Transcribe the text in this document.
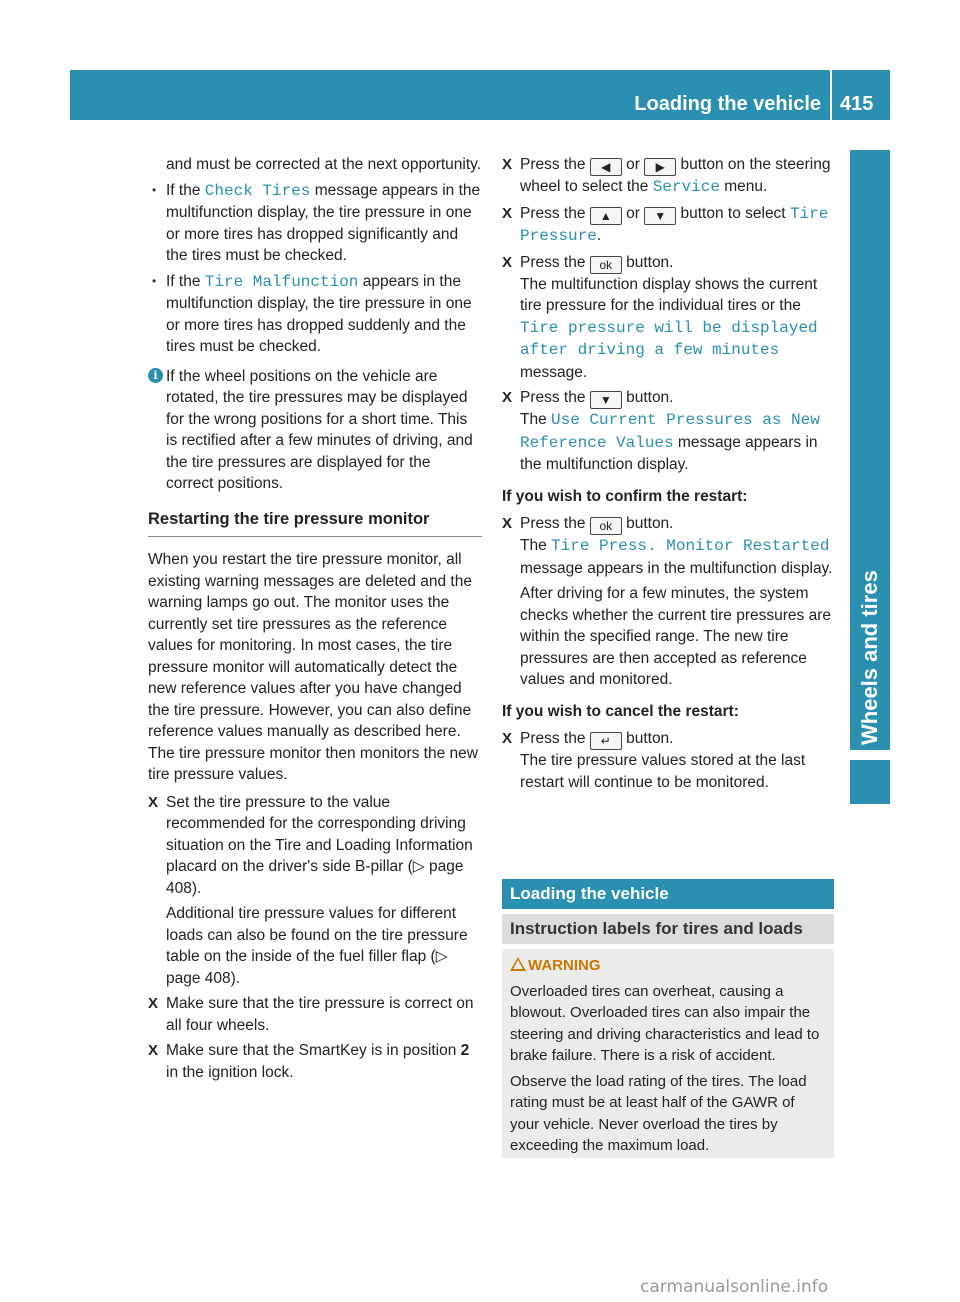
Loading the vehicle 415
Wheels and tires

and must be corrected at the next opportunity.

• If the Check Tires message appears in the multifunction display, the tire pressure in one or more tires has dropped significantly and the tires must be checked.

• If the Tire Malfunction appears in the multifunction display, the tire pressure in one or more tires has dropped suddenly and the tires must be checked.

i If the wheel positions on the vehicle are rotated, the tire pressures may be displayed for the wrong positions for a short time. This is rectified after a few minutes of driving, and the tire pressures are displayed for the correct positions.

Restarting the tire pressure monitor

When you restart the tire pressure monitor, all existing warning messages are deleted and the warning lamps go out. The monitor uses the currently set tire pressures as the reference values for monitoring. In most cases, the tire pressure monitor will automatically detect the new reference values after you have changed the tire pressure. However, you can also define reference values manually as described here. The tire pressure monitor then monitors the new tire pressure values.

X Set the tire pressure to the value recommended for the corresponding driving situation on the Tire and Loading Information placard on the driver's side B-pillar (▷ page 408).
Additional tire pressure values for different loads can also be found on the tire pressure table on the inside of the fuel filler flap (▷ page 408).
X Make sure that the tire pressure is correct on all four wheels.
X Make sure that the SmartKey is in position 2 in the ignition lock.
X Press the ◀ or ▶ button on the steering wheel to select the Service menu.
X Press the ▲ or ▼ button to select Tire Pressure.
X Press the ok button.
The multifunction display shows the current tire pressure for the individual tires or the Tire pressure will be displayed after driving a few minutes message.
X Press the ▼ button.
The Use Current Pressures as New Reference Values message appears in the multifunction display.
If you wish to confirm the restart:
X Press the ok button.
The Tire Press. Monitor Restarted message appears in the multifunction display.
After driving for a few minutes, the system checks whether the current tire pressures are within the specified range. The new tire pressures are then accepted as reference values and monitored.
If you wish to cancel the restart:
X Press the ↵ button.
The tire pressure values stored at the last restart will continue to be monitored.
Loading the vehicle
Instruction labels for tires and loads
WARNING

Overloaded tires can overheat, causing a blowout. Overloaded tires can also impair the steering and driving characteristics and lead to brake failure. There is a risk of accident.

Observe the load rating of the tires. The load rating must be at least half of the GAWR of your vehicle. Never overload the tires by exceeding the maximum load.

carmanualsonline.info
